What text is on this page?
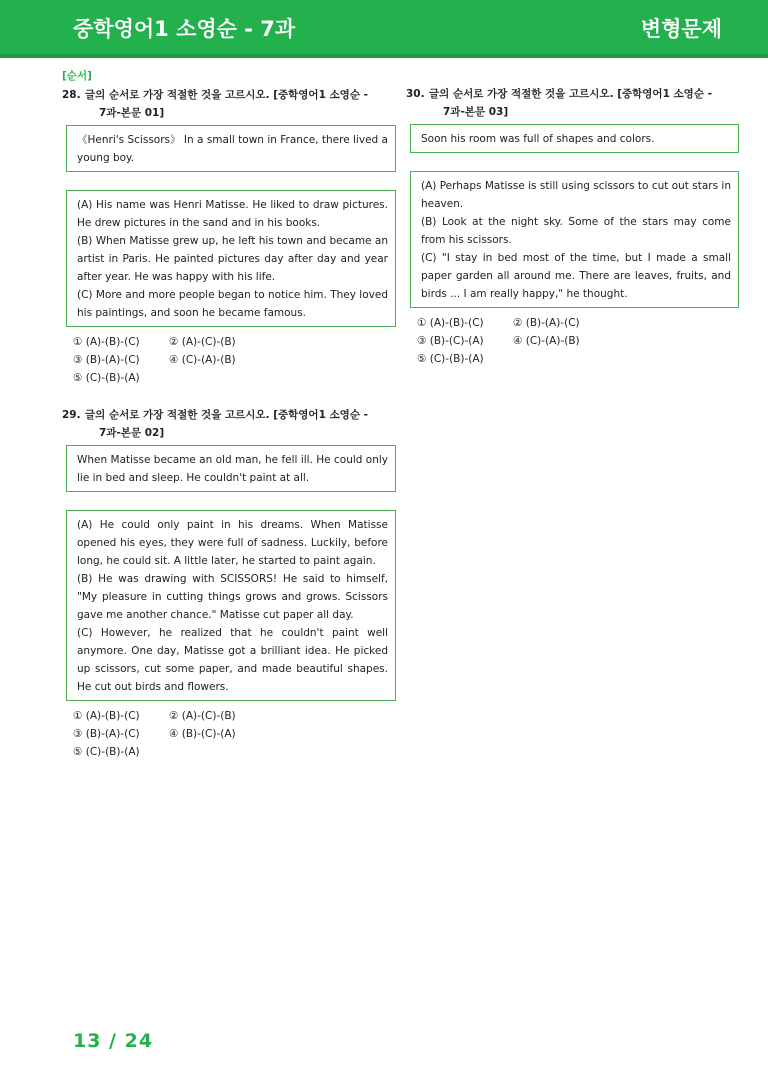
중학영어1 소영순 - 7과	변형문제
[순서]
28. 글의 순서로 가장 적절한 것을 고르시오. [중학영어1 소영순 -
7과-본문 01]

《Henri's Scissors》 In a small town in France, there lived a young boy.

(A) His name was Henri Matisse. He liked to draw pictures. He drew pictures in the sand and in his books.

(B) When Matisse grew up, he left his town and became an artist in Paris. He painted pictures day after day and year after year. He was happy with his life.

(C) More and more people began to notice him. They loved his paintings, and soon he became famous.

① (A)-(B)-(C)	② (A)-(C)-(B)
③ (B)-(A)-(C)	④ (C)-(A)-(B)
⑤ (C)-(B)-(A)
29. 글의 순서로 가장 적절한 것을 고르시오. [중학영어1 소영순 -
7과-본문 02]

When Matisse became an old man, he fell ill. He could only lie in bed and sleep. He couldn't paint at all.

(A) He could only paint in his dreams. When Matisse opened his eyes, they were full of sadness. Luckily, before long, he could sit. A little later, he started to paint again.

(B) He was drawing with SCISSORS! He said to himself, "My pleasure in cutting things grows and grows. Scissors gave me another chance." Matisse cut paper all day.

(C) However, he realized that he couldn't paint well anymore. One day, Matisse got a brilliant idea. He picked up scissors, cut some paper, and made beautiful shapes. He cut out birds and flowers.

① (A)-(B)-(C)	② (A)-(C)-(B)
③ (B)-(A)-(C)	④ (B)-(C)-(A)
⑤ (C)-(B)-(A)
30. 글의 순서로 가장 적절한 것을 고르시오. [중학영어1 소영순 -
7과-본문 03]

Soon his room was full of shapes and colors.

(A) Perhaps Matisse is still using scissors to cut out stars in heaven.

(B) Look at the night sky. Some of the stars may come from his scissors.

(C) "I stay in bed most of the time, but I made a small paper garden all around me. There are leaves, fruits, and birds ... I am really happy," he thought.

① (A)-(B)-(C)	② (B)-(A)-(C)
③ (B)-(C)-(A)	④ (C)-(A)-(B)
⑤ (C)-(B)-(A)
13 / 24
